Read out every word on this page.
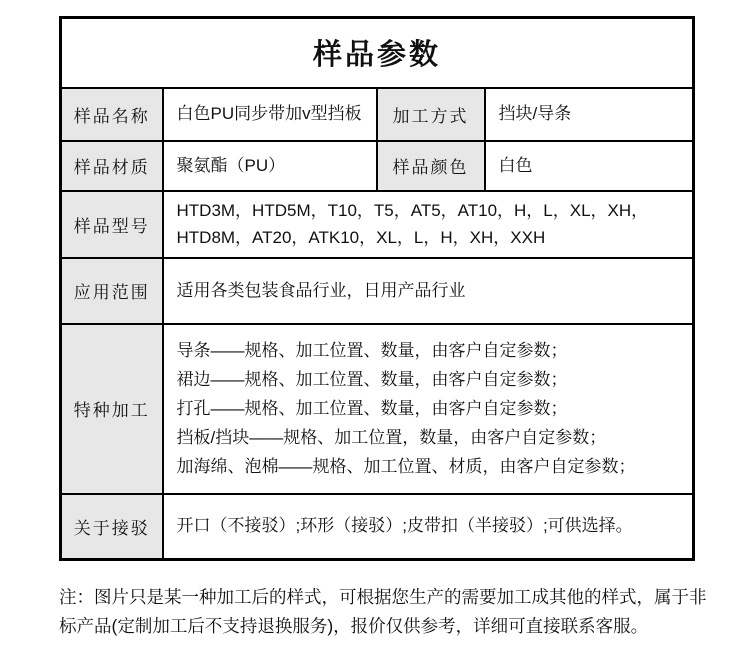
样品参数			
样品名称	白色PU同步带加v型挡板	加工方式	挡块/导条
样品材质	聚氨酯（PU）	样品颜色	白色
样品型号	HTD3M，HTD5M，T10，T5，AT5，AT10，H，L，XL，XH，
HTD8M，AT20，ATK10，XL，L，H，XH，XXH		

应用范围	适用各类包装食品行业，日用产品行业		
特种加工	导条——规格、加工位置、数量，由客户自定参数；
裙边——规格、加工位置、数量，由客户自定参数；
打孔——规格、加工位置、数量，由客户自定参数；
挡板/挡块——规格、加工位置，数量，由客户自定参数；
加海绵、泡棉——规格、加工位置、材质，由客户自定参数；		

关于接驳	开口（不接驳）;环形（接驳）;皮带扣（半接驳）;可供选择。		
注：图片只是某一种加工后的样式，可根据您生产的需要加工成其他的样式，属于非
标产品(定制加工后不支持退换服务)，报价仅供参考，详细可直接联系客服。
